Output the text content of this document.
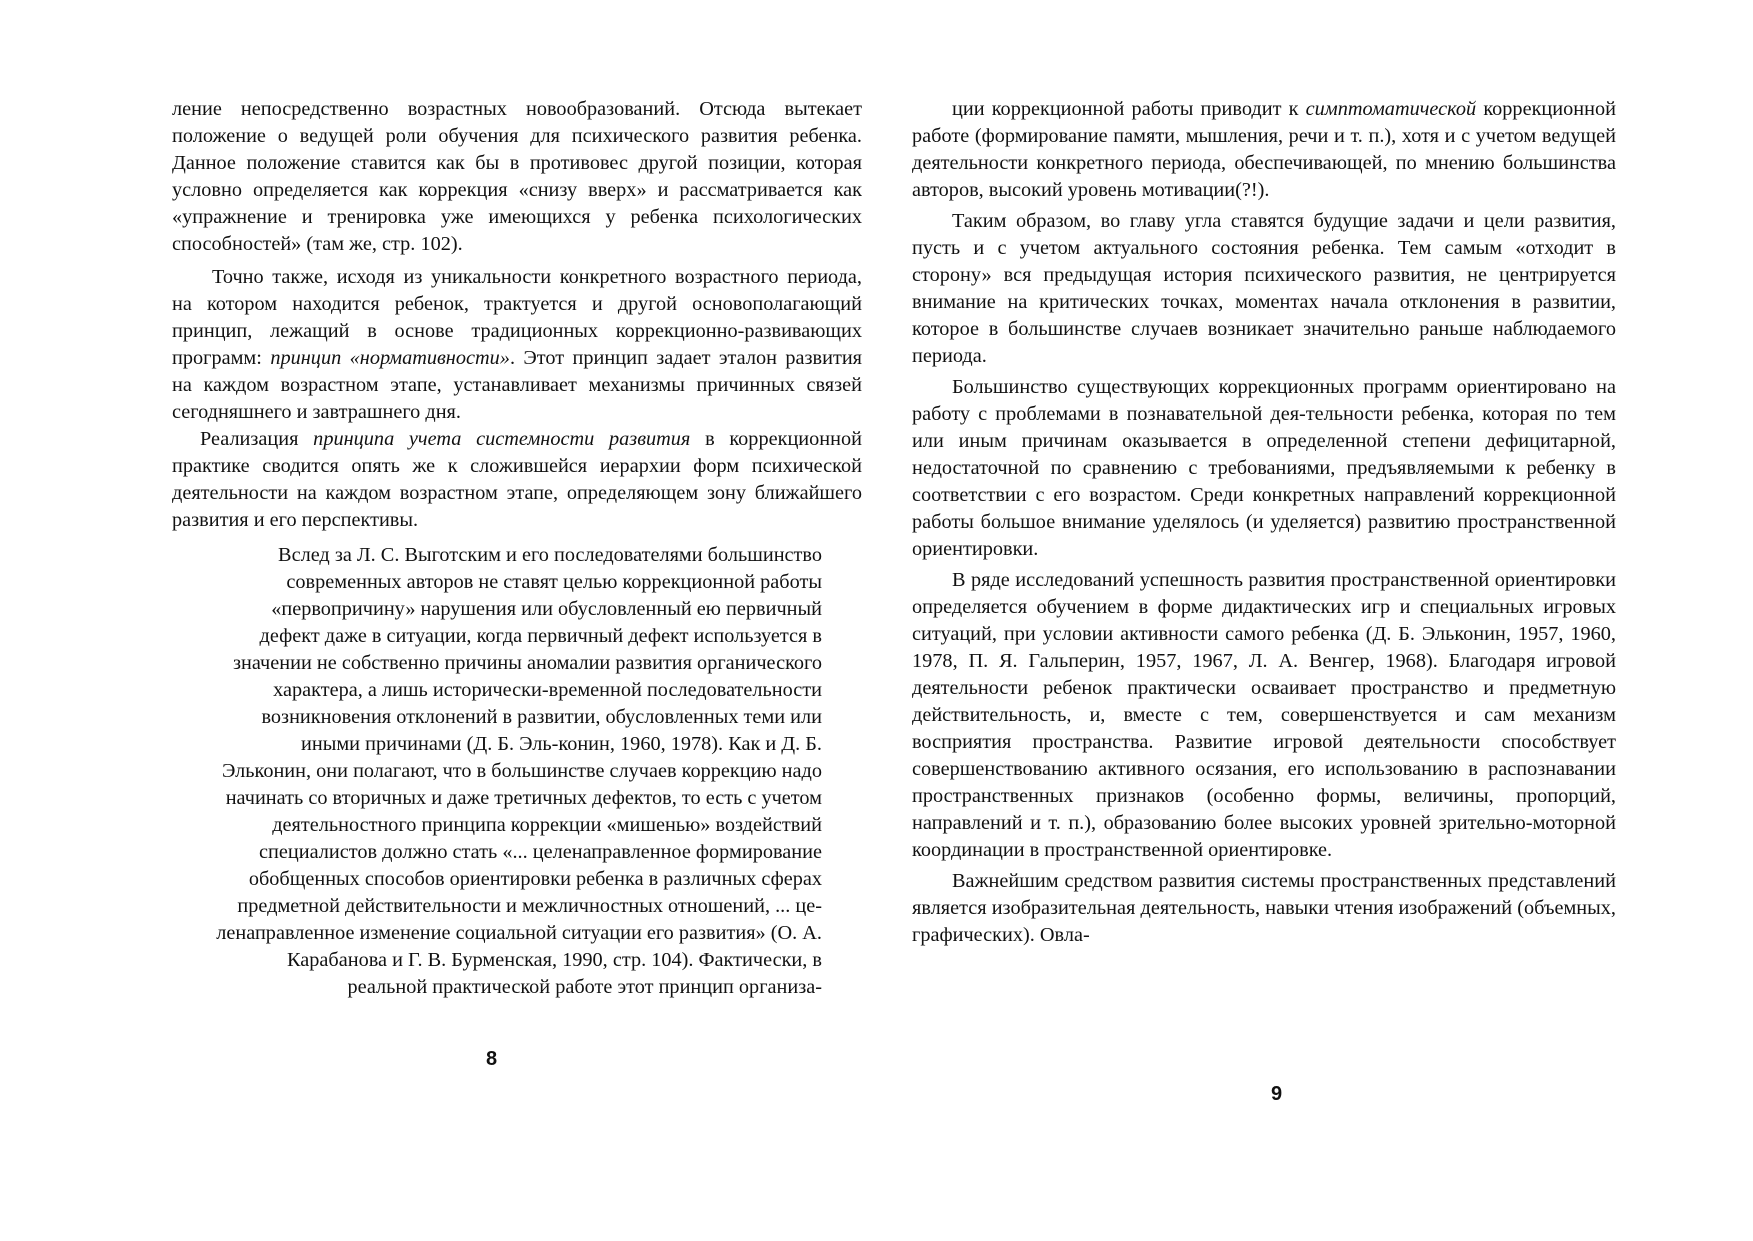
ление непосредственно возрастных новообразований. Отсюда вытекает положение о ведущей роли обучения для психического развития ребенка. Данное положение ставится как бы в противовес другой позиции, которая условно определяется как коррекция «снизу вверх» и рассматривается как «упражнение и тренировка уже имеющихся у ребенка психологических способностей» (там же, стр. 102).

Точно также, исходя из уникальности конкретного возрастного периода, на котором находится ребенок, трактуется и другой основополагающий принцип, лежащий в основе традиционных коррекционно-развивающих программ: принцип «нормативности». Этот принцип задает эталон развития на каждом возрастном этапе, устанавливает механизмы причинных связей сегодняшнего и завтрашнего дня.

Реализация принципа учета системности развития в коррекционной практике сводится опять же к сложившейся иерархии форм психической деятельности на каждом возрастном этапе, определяющем зону ближайшего развития и его перспективы.

Вслед за Л. С. Выготским и его последователями большинство
современных авторов не ставят целью коррекционной работы
«первопричину» нарушения или обусловленный ею первичный
дефект даже в ситуации, когда первичный дефект используется в
значении не собственно причины аномалии развития органического
характера, а лишь исторически-временной последовательности
возникновения отклонений в развитии, обусловленных теми или
иными причинами (Д. Б. Эль-конин, 1960, 1978). Как и Д. Б.
Эльконин, они полагают, что в большинстве случаев коррекцию надо
начинать со вторичных и даже третичных дефектов, то есть с учетом
деятельностного принципа коррекции «мишенью» воздействий
специалистов должно стать «... целенаправленное формирование
обобщенных способов ориентировки ребенка в различных сферах
предметной действительности и межличностных отношений, ... це-
ленаправленное изменение социальной ситуации его развития» (О. А.
Карабанова и Г. В. Бурменская, 1990, стр. 104). Фактически, в
реальной практической работе этот принцип организа-
8

ции коррекционной работы приводит к симптоматической коррекционной работе (формирование памяти, мышления, речи и т. п.), хотя и с учетом ведущей деятельности конкретного периода, обеспечивающей, по мнению большинства авторов, высокий уровень мотивации(?!).

Таким образом, во главу угла ставятся будущие задачи и цели развития, пусть и с учетом актуального состояния ребенка. Тем самым «отходит в сторону» вся предыдущая история психического развития, не центрируется внимание на критических точках, моментах начала отклонения в развитии, которое в большинстве случаев возникает значительно раньше наблюдаемого периода.

Большинство существующих коррекционных программ ориентировано на работу с проблемами в познавательной дея-тельности ребенка, которая по тем или иным причинам оказывается в определенной степени дефицитарной, недостаточной по сравнению с требованиями, предъявляемыми к ребенку в соответствии с его возрастом. Среди конкретных направлений коррекционной работы большое внимание уделялось (и уделяется) развитию пространственной ориентировки.

В ряде исследований успешность развития пространственной ориентировки определяется обучением в форме дидактических игр и специальных игровых ситуаций, при условии активности самого ребенка (Д. Б. Эльконин, 1957, 1960, 1978, П. Я. Гальперин, 1957, 1967, Л. А. Венгер, 1968). Благодаря игровой деятельности ребенок практически осваивает пространство и предметную действительность, и, вместе с тем, совершенствуется и сам механизм восприятия пространства. Развитие игровой деятельности способствует совершенствованию активного осязания, его использованию в распознавании пространственных признаков (особенно формы, величины, пропорций, направлений и т. п.), образованию более высоких уровней зрительно-моторной координации в пространственной ориентировке.

Важнейшим средством развития системы пространственных представлений является изобразительная деятельность, навыки чтения изображений (объемных, графических). Овла-

9
